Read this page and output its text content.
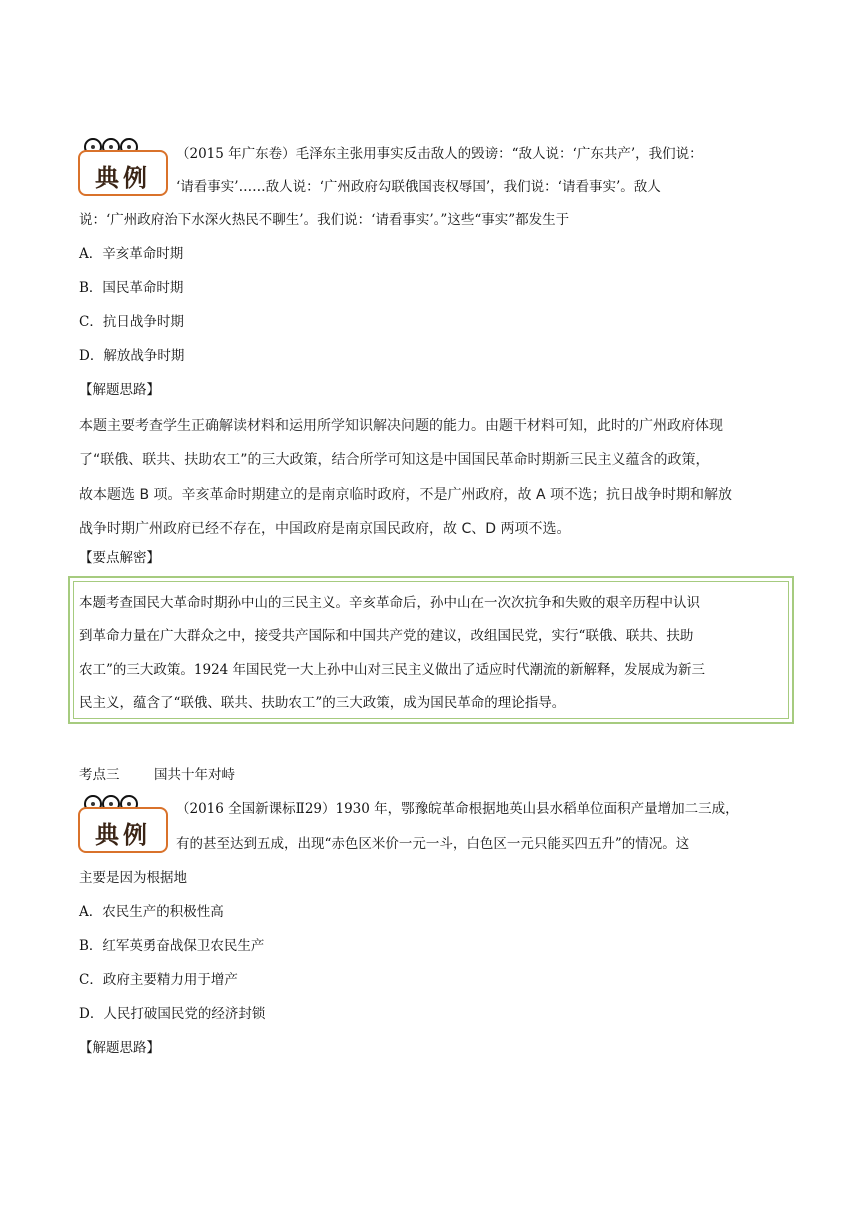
典例
（2015 年广东卷）毛泽东主张用事实反击敌人的毁谤：“敌人说：‘广东共产’，我们说：
‘请看事实’……敌人说：‘广州政府勾联俄国丧权辱国’，我们说：‘请看事实’。敌人
说：‘广州政府治下水深火热民不聊生’。我们说：‘请看事实’。”这些“事实”都发生于
A．辛亥革命时期
B．国民革命时期
C．抗日战争时期
D．解放战争时期
【解题思路】
本题主要考查学生正确解读材料和运用所学知识解决问题的能力。由题干材料可知，此时的广州政府体现
了“联俄、联共、扶助农工”的三大政策，结合所学可知这是中国国民革命时期新三民主义蕴含的政策，
故本题选 B 项。辛亥革命时期建立的是南京临时政府，不是广州政府，故 A 项不选；抗日战争时期和解放
战争时期广州政府已经不存在，中国政府是南京国民政府，故 C、D 两项不选。
【要点解密】
本题考查国民大革命时期孙中山的三民主义。辛亥革命后，孙中山在一次次抗争和失败的艰辛历程中认识
到革命力量在广大群众之中，接受共产国际和中国共产党的建议，改组国民党，实行“联俄、联共、扶助
农工”的三大政策。1924 年国民党一大上孙中山对三民主义做出了适应时代潮流的新解释，发展成为新三
民主义，蕴含了“联俄、联共、扶助农工”的三大政策，成为国民革命的理论指导。
考点三	国共十年对峙
典例
（2016 全国新课标Ⅱ29）1930 年，鄂豫皖革命根据地英山县水稻单位面积产量增加二三成，
有的甚至达到五成，出现“赤色区米价一元一斗，白色区一元只能买四五升”的情况。这
主要是因为根据地
A．农民生产的积极性高
B．红军英勇奋战保卫农民生产
C．政府主要精力用于增产
D．人民打破国民党的经济封锁
【解题思路】
